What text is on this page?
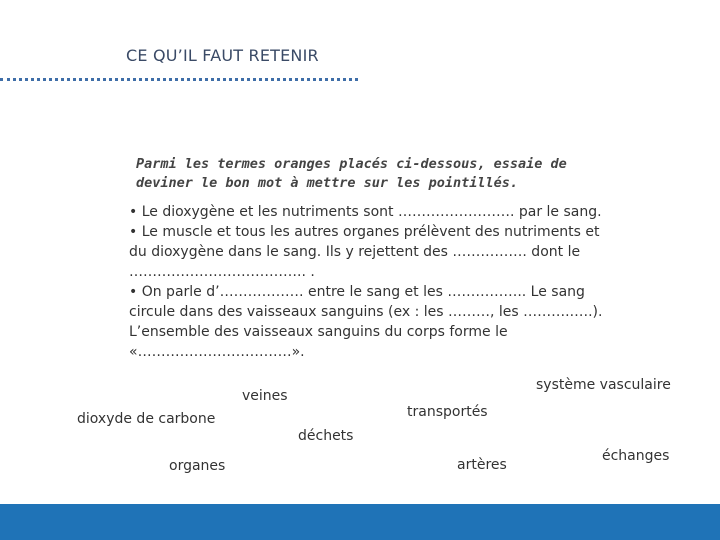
CE QU’IL FAUT RETENIR
Parmi les termes oranges placés ci-dessous, essaie de deviner le bon mot à mettre sur les pointillés.

• Le dioxygène et les nutriments sont ……………………. par le sang.

• Le muscle et tous les autres organes prélèvent des nutriments et du dioxygène dans le sang. Ils y rejettent des ……………. dont le ……………………………….. .

• On parle d’……………… entre le sang et les …………….. Le sang circule dans des vaisseaux sanguins (ex : les ………, les ………..….). L’ensemble des vaisseaux sanguins du corps forme le «……………………………».

veines
système vasculaire
dioxyde de carbone	transportés
déchets
organes	artères
échanges
